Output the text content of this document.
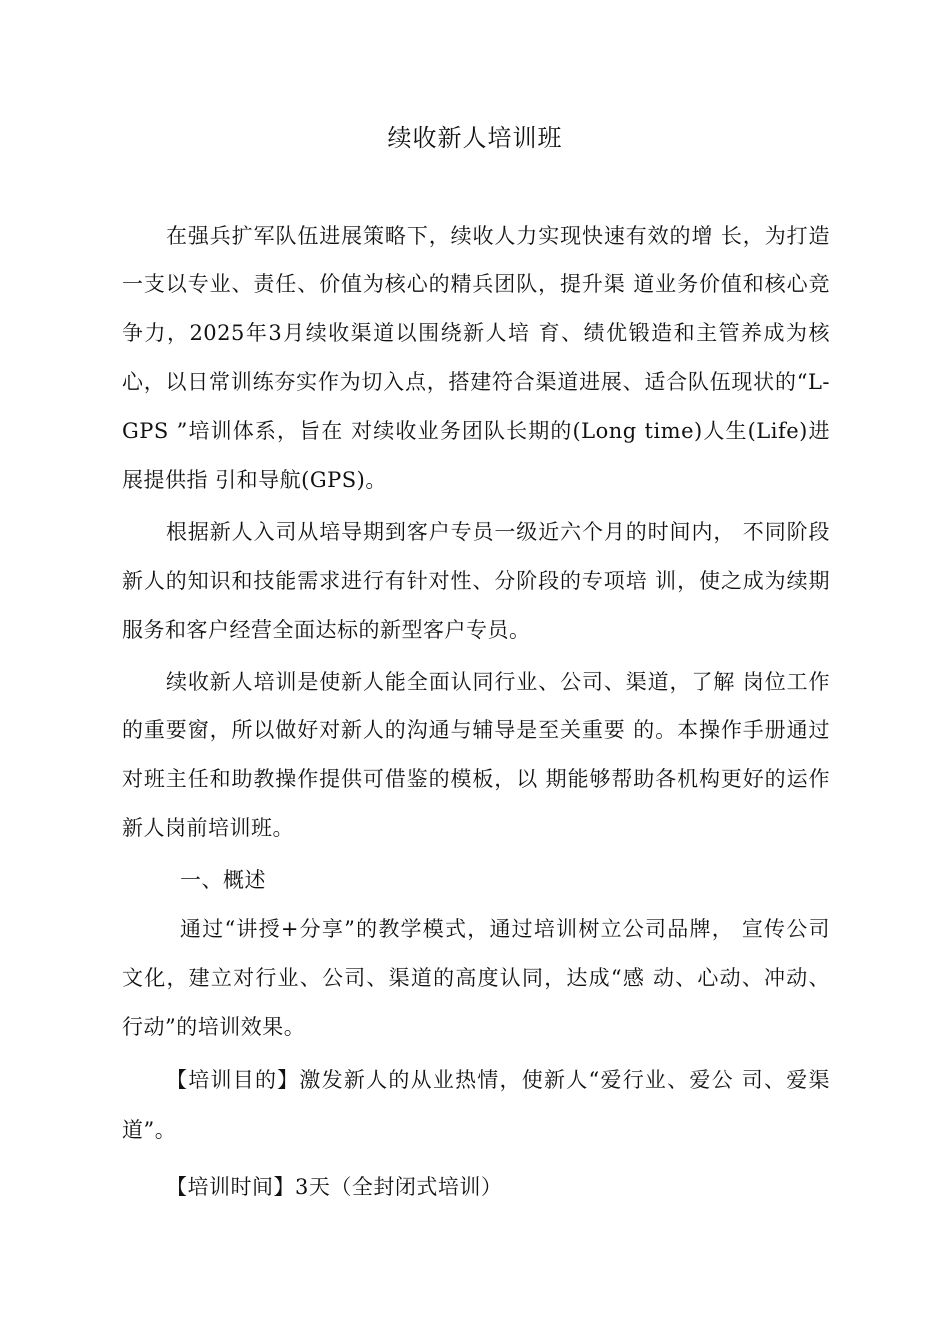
续收新人培训班
在强兵扩军队伍进展策略下，续收人力实现快速有效的增 长，为打造
一支以专业、责任、价值为核心的精兵团队，提升渠 道业务价值和核心竞
争力，2025年3月续收渠道以围绕新人培 育、绩优锻造和主管养成为核
心，以日常训练夯实作为切入点，搭建符合渠道进展、适合队伍现状的“L-
GPS ”培训体系，旨在 对续收业务团队长期的(Long time)人生(Life)进
展提供指 引和导航(GPS)。
根据新人入司从培导期到客户专员一级近六个月的时间内， 不同阶段
新人的知识和技能需求进行有针对性、分阶段的专项培 训，使之成为续期
服务和客户经营全面达标的新型客户专员。
续收新人培训是使新人能全面认同行业、公司、渠道，了解 岗位工作
的重要窗，所以做好对新人的沟通与辅导是至关重要 的。本操作手册通过
对班主任和助教操作提供可借鉴的模板，以 期能够帮助各机构更好的运作
新人岗前培训班。
一、概述
通过“讲授+分享”的教学模式，通过培训树立公司品牌， 宣传公司
文化，建立对行业、公司、渠道的高度认同，达成“感 动、心动、冲动、
行动”的培训效果。
【培训目的】激发新人的从业热情，使新人“爱行业、爱公 司、爱渠
道”。
【培训时间】3天（全封闭式培训）
